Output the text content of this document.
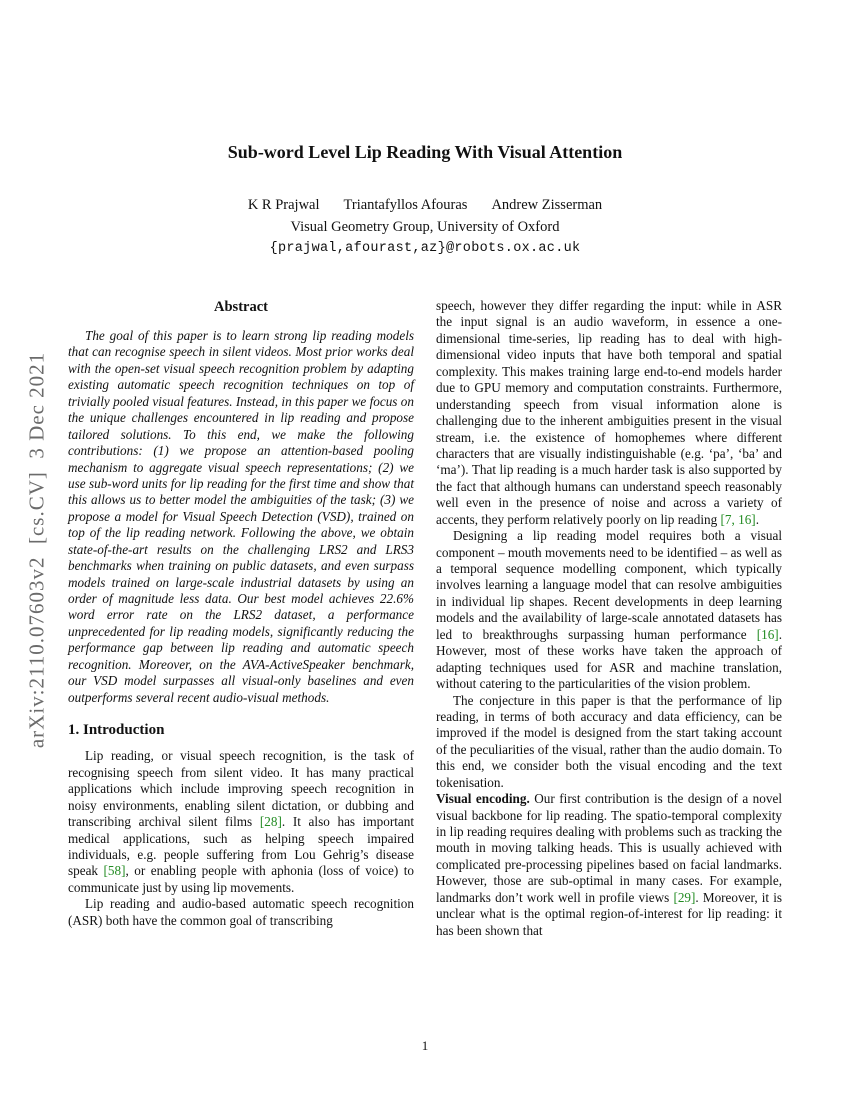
arXiv:2110.07603v2  [cs.CV]  3 Dec 2021
Sub-word Level Lip Reading With Visual Attention
K R Prajwal Triantafyllos Afouras Andrew Zisserman
Visual Geometry Group, University of Oxford
{prajwal,afourast,az}@robots.ox.ac.uk
Abstract

The goal of this paper is to learn strong lip reading models that can recognise speech in silent videos. Most prior works deal with the open-set visual speech recognition problem by adapting existing automatic speech recognition techniques on top of trivially pooled visual features. Instead, in this paper we focus on the unique challenges encountered in lip reading and propose tailored solutions. To this end, we make the following contributions: (1) we propose an attention-based pooling mechanism to aggregate visual speech representations; (2) we use sub-word units for lip reading for the first time and show that this allows us to better model the ambiguities of the task; (3) we propose a model for Visual Speech Detection (VSD), trained on top of the lip reading network. Following the above, we obtain state-of-the-art results on the challenging LRS2 and LRS3 benchmarks when training on public datasets, and even surpass models trained on large-scale industrial datasets by using an order of magnitude less data. Our best model achieves 22.6% word error rate on the LRS2 dataset, a performance unprecedented for lip reading models, significantly reducing the performance gap between lip reading and automatic speech recognition. Moreover, on the AVA-ActiveSpeaker benchmark, our VSD model surpasses all visual-only baselines and even outperforms several recent audio-visual methods.

1. Introduction

Lip reading, or visual speech recognition, is the task of recognising speech from silent video. It has many practical applications which include improving speech recognition in noisy environments, enabling silent dictation, or dubbing and transcribing archival silent films [28]. It also has important medical applications, such as helping speech impaired individuals, e.g. people suffering from Lou Gehrig’s disease speak [58], or enabling people with aphonia (loss of voice) to communicate just by using lip movements.

Lip reading and audio-based automatic speech recognition (ASR) both have the common goal of transcribing

speech, however they differ regarding the input: while in ASR the input signal is an audio waveform, in essence a one-dimensional time-series, lip reading has to deal with high-dimensional video inputs that have both temporal and spatial complexity. This makes training large end-to-end models harder due to GPU memory and computation constraints. Furthermore, understanding speech from visual information alone is challenging due to the inherent ambiguities present in the visual stream, i.e. the existence of homophemes where different characters that are visually indistinguishable (e.g. ‘pa’, ‘ba’ and ‘ma’). That lip reading is a much harder task is also supported by the fact that although humans can understand speech reasonably well even in the presence of noise and across a variety of accents, they perform relatively poorly on lip reading [7, 16].

Designing a lip reading model requires both a visual component – mouth movements need to be identified – as well as a temporal sequence modelling component, which typically involves learning a language model that can resolve ambiguities in individual lip shapes. Recent developments in deep learning models and the availability of large-scale annotated datasets has led to breakthroughs surpassing human performance [16]. However, most of these works have taken the approach of adapting techniques used for ASR and machine translation, without catering to the particularities of the vision problem.

The conjecture in this paper is that the performance of lip reading, in terms of both accuracy and data efficiency, can be improved if the model is designed from the start taking account of the peculiarities of the visual, rather than the audio domain. To this end, we consider both the visual encoding and the text tokenisation.

Visual encoding. Our first contribution is the design of a novel visual backbone for lip reading. The spatio-temporal complexity in lip reading requires dealing with problems such as tracking the mouth in moving talking heads. This is usually achieved with complicated pre-processing pipelines based on facial landmarks. However, those are sub-optimal in many cases. For example, landmarks don’t work well in profile views [29]. Moreover, it is unclear what is the optimal region-of-interest for lip reading: it has been shown that

1
